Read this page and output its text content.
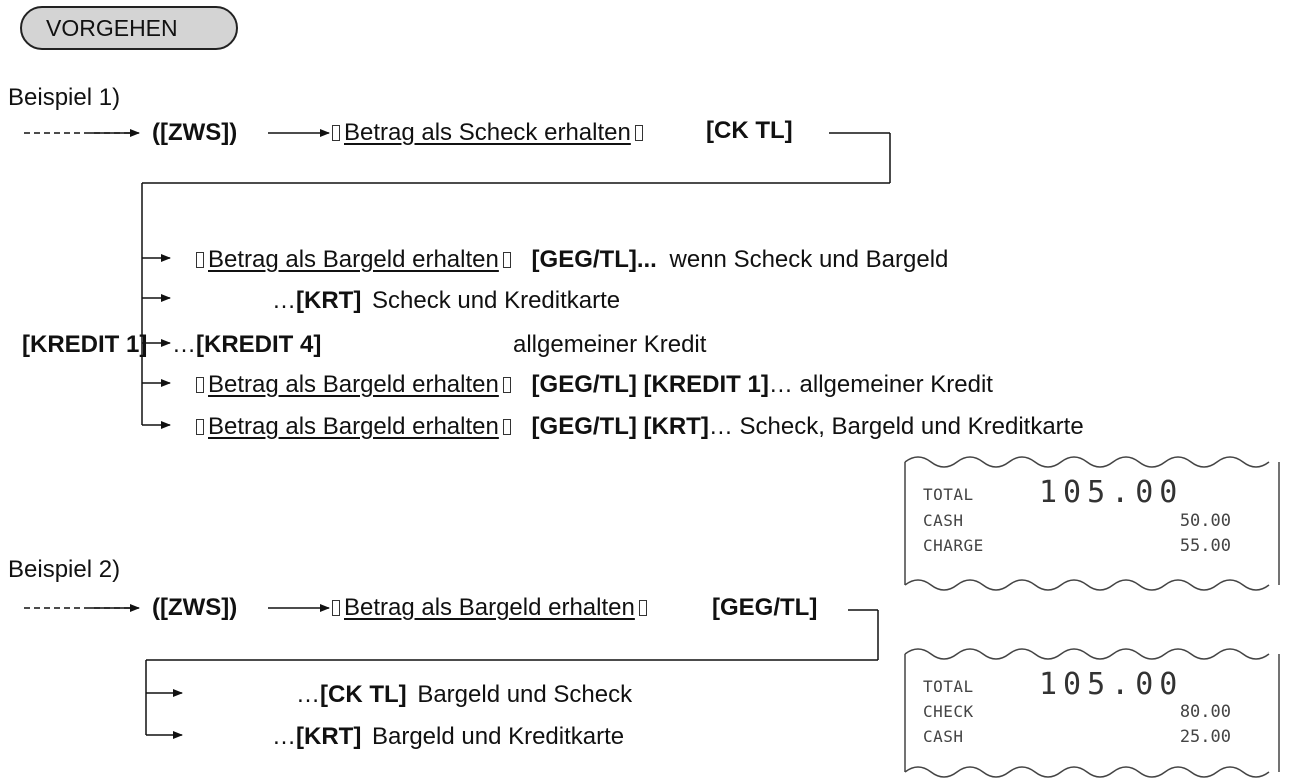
VORGEHEN
Beispiel 1)
([ZWS])	Betrag als Scheck erhalten	[CK TL]
Betrag als Bargeld erhalten [GEG/TL]... wenn Scheck und Bargeld
…[KRT] Scheck und Kreditkarte
[KREDIT 1] …[KREDIT 4]	allgemeiner Kredit
Betrag als Bargeld erhalten [GEG/TL] [KREDIT 1]… allgemeiner Kredit
Betrag als Bargeld erhalten [GEG/TL] [KRT]… Scheck, Bargeld und Kreditkarte
TOTAL 105.00
CASH	50.00
CHARGE	55.00
Beispiel 2)
([ZWS])	Betrag als Bargeld erhalten	[GEG/TL]
…[CK TL] Bargeld und Scheck
…[KRT] Bargeld und Kreditkarte
TOTAL 105.00
CHECK	80.00
CASH	25.00
